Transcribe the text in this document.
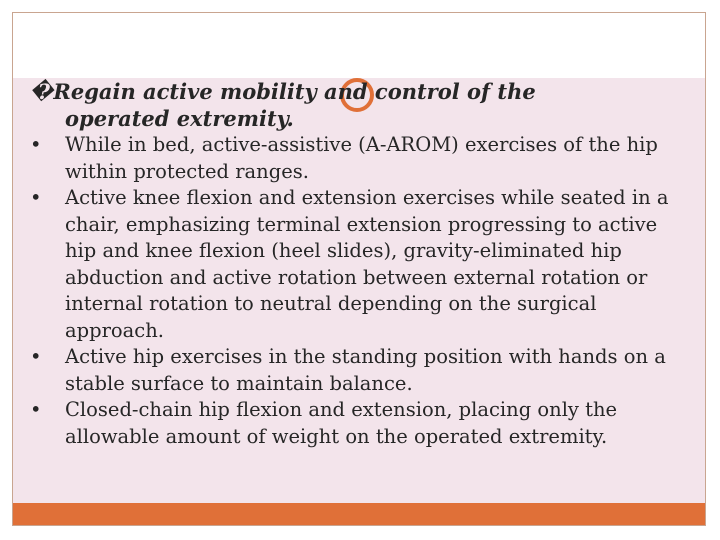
�Regain active mobility and control of the
operated extremity.
• While in bed, active-assistive (A-AROM) exercises of the hip within protected ranges.
• Active knee flexion and extension exercises while seated in a chair, emphasizing terminal extension progressing to active hip and knee flexion (heel slides), gravity-eliminated hip abduction and active rotation between external rotation or internal rotation to neutral depending on the surgical approach.
• Active hip exercises in the standing position with hands on a stable surface to maintain balance.
• Closed-chain hip flexion and extension, placing only the allowable amount of weight on the operated extremity.
